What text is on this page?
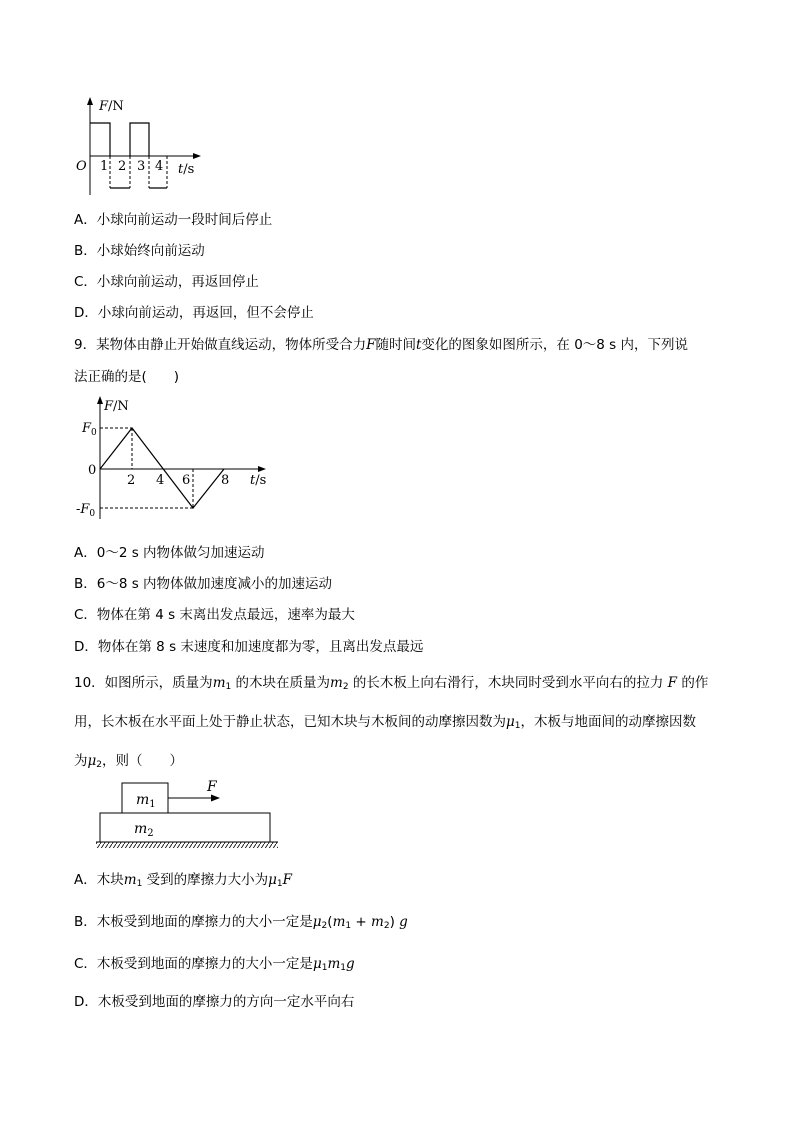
F/N
O 1 2 3 4 t/s
A．小球向前运动一段时间后停止
B．小球始终向前运动
C．小球向前运动，再返回停止
D．小球向前运动，再返回，但不会停止
9．某物体由静止开始做直线运动，物体所受合力F随时间t变化的图象如图所示，在 0～8 s 内，下列说
法正确的是(　　)
F/N
$F_0$
0
$-F_0$
2 4 6 8 t/s
A．0～2 s 内物体做匀加速运动
B．6～8 s 内物体做加速度减小的加速运动
C．物体在第 4 s 末离出发点最远，速率为最大
D．物体在第 8 s 末速度和加速度都为零，且离出发点最远
10．如图所示，质量为$m_1$ 的木块在质量为$m_2$ 的长木板上向右滑行，木块同时受到水平向右的拉力 F 的作
用，长木板在水平面上处于静止状态，已知木块与木板间的动摩擦因数为$\mu_1$，木板与地面间的动摩擦因数
为$\mu_2$，则（　　）
F
$m_1$
$m_2$
A．木块$m_1$ 受到的摩擦力大小为$\mu_1F$
B．木板受到地面的摩擦力的大小一定是$\mu_2(m_1 + m_2)$ g
C．木板受到地面的摩擦力的大小一定是$\mu_1m_1g$
D．木板受到地面的摩擦力的方向一定水平向右
